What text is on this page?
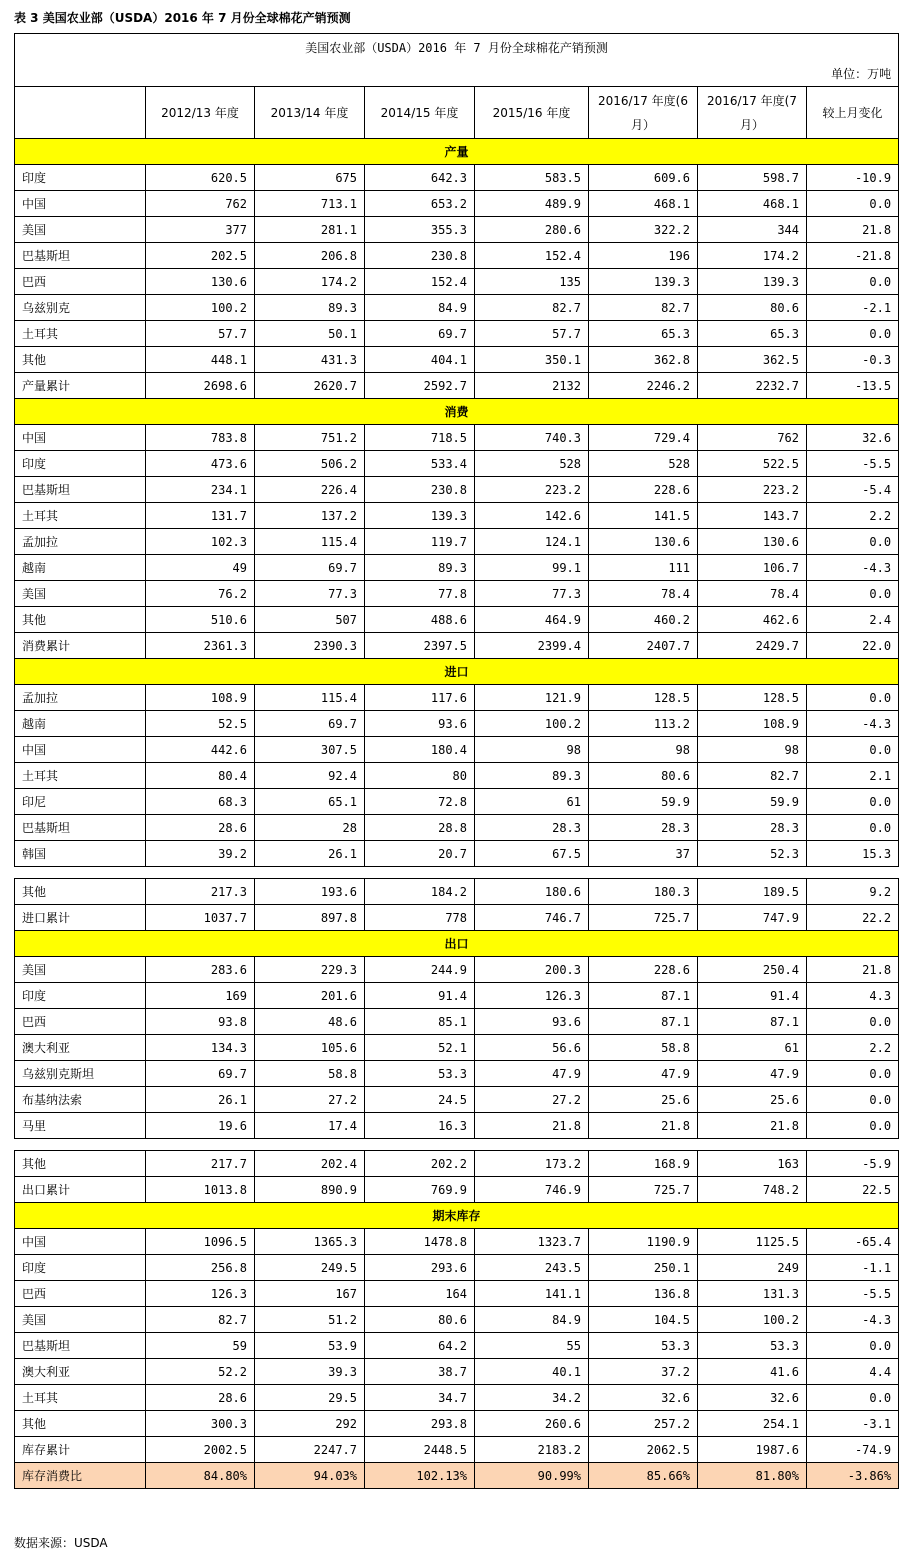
表 3 美国农业部（USDA）2016 年 7 月份全球棉花产销预测
美国农业部（USDA）2016 年 7 月份全球棉花产销预测							
单位：万吨							
	2012/13 年度	2013/14 年度	2014/15 年度	2015/16 年度	2016/17 年度(6月）	2016/17 年度(7月）	较上月变化
产量							
印度	620.5	675	642.3	583.5	609.6	598.7	-10.9
中国	762	713.1	653.2	489.9	468.1	468.1	0.0
美国	377	281.1	355.3	280.6	322.2	344	21.8
巴基斯坦	202.5	206.8	230.8	152.4	196	174.2	-21.8
巴西	130.6	174.2	152.4	135	139.3	139.3	0.0
乌兹别克	100.2	89.3	84.9	82.7	82.7	80.6	-2.1
土耳其	57.7	50.1	69.7	57.7	65.3	65.3	0.0
其他	448.1	431.3	404.1	350.1	362.8	362.5	-0.3
产量累计	2698.6	2620.7	2592.7	2132	2246.2	2232.7	-13.5
消费							
中国	783.8	751.2	718.5	740.3	729.4	762	32.6
印度	473.6	506.2	533.4	528	528	522.5	-5.5
巴基斯坦	234.1	226.4	230.8	223.2	228.6	223.2	-5.4
土耳其	131.7	137.2	139.3	142.6	141.5	143.7	2.2
孟加拉	102.3	115.4	119.7	124.1	130.6	130.6	0.0
越南	49	69.7	89.3	99.1	111	106.7	-4.3
美国	76.2	77.3	77.8	77.3	78.4	78.4	0.0
其他	510.6	507	488.6	464.9	460.2	462.6	2.4
消费累计	2361.3	2390.3	2397.5	2399.4	2407.7	2429.7	22.0
进口							
孟加拉	108.9	115.4	117.6	121.9	128.5	128.5	0.0
越南	52.5	69.7	93.6	100.2	113.2	108.9	-4.3
中国	442.6	307.5	180.4	98	98	98	0.0
土耳其	80.4	92.4	80	89.3	80.6	82.7	2.1
印尼	68.3	65.1	72.8	61	59.9	59.9	0.0
巴基斯坦	28.6	28	28.8	28.3	28.3	28.3	0.0
韩国	39.2	26.1	20.7	67.5	37	52.3	15.3

其他	217.3	193.6	184.2	180.6	180.3	189.5	9.2
进口累计	1037.7	897.8	778	746.7	725.7	747.9	22.2
出口							
美国	283.6	229.3	244.9	200.3	228.6	250.4	21.8
印度	169	201.6	91.4	126.3	87.1	91.4	4.3
巴西	93.8	48.6	85.1	93.6	87.1	87.1	0.0
澳大利亚	134.3	105.6	52.1	56.6	58.8	61	2.2
乌兹别克斯坦	69.7	58.8	53.3	47.9	47.9	47.9	0.0
布基纳法索	26.1	27.2	24.5	27.2	25.6	25.6	0.0
马里	19.6	17.4	16.3	21.8	21.8	21.8	0.0

其他	217.7	202.4	202.2	173.2	168.9	163	-5.9
出口累计	1013.8	890.9	769.9	746.9	725.7	748.2	22.5
期末库存							
中国	1096.5	1365.3	1478.8	1323.7	1190.9	1125.5	-65.4
印度	256.8	249.5	293.6	243.5	250.1	249	-1.1
巴西	126.3	167	164	141.1	136.8	131.3	-5.5
美国	82.7	51.2	80.6	84.9	104.5	100.2	-4.3
巴基斯坦	59	53.9	64.2	55	53.3	53.3	0.0
澳大利亚	52.2	39.3	38.7	40.1	37.2	41.6	4.4
土耳其	28.6	29.5	34.7	34.2	32.6	32.6	0.0
其他	300.3	292	293.8	260.6	257.2	254.1	-3.1
库存累计	2002.5	2247.7	2448.5	2183.2	2062.5	1987.6	-74.9
库存消费比	84.80%	94.03%	102.13%	90.99%	85.66%	81.80%	-3.86%
数据来源：USDA
